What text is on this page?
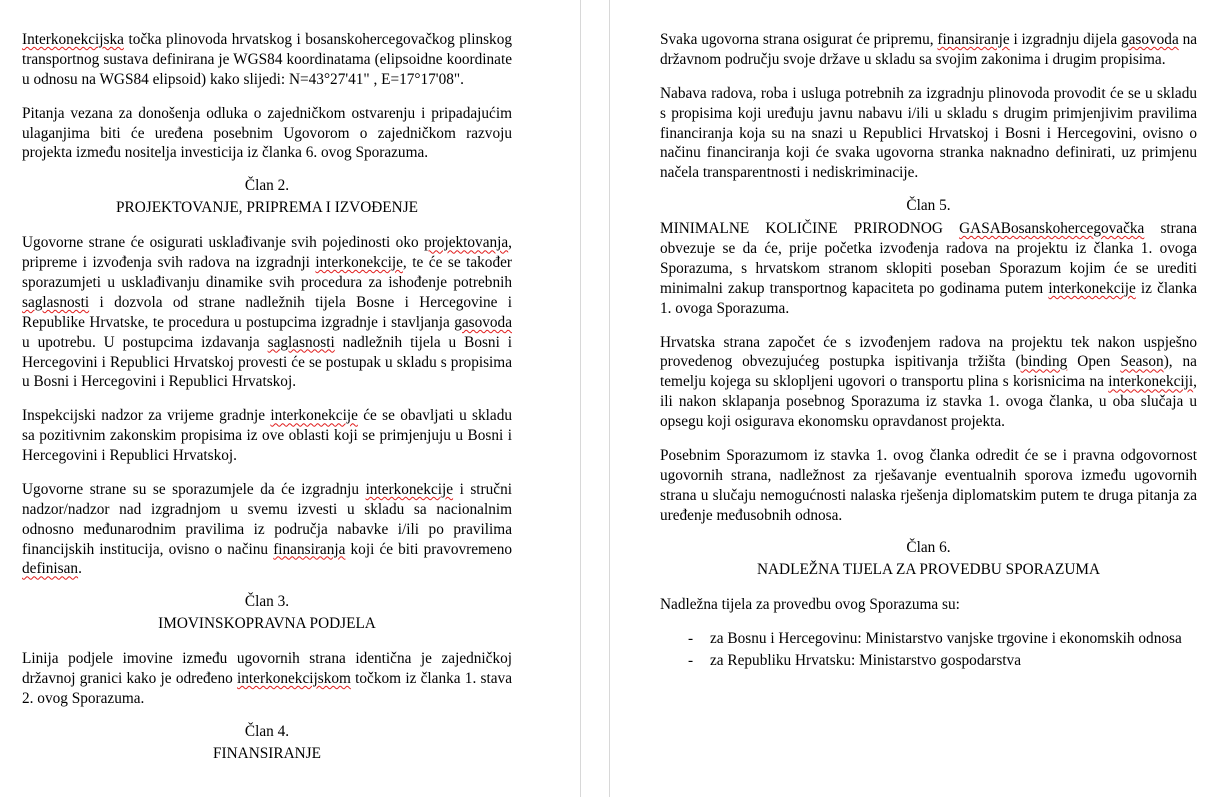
Interkonekcijska točka plinovoda hrvatskog i bosanskohercegovačkog plinskog transportnog sustava definirana je WGS84 koordinatama (elipsoidne koordinate u odnosu na WGS84 elipsoid) kako slijedi: N=43°27'41" , E=17°17'08".

Pitanja vezana za donošenja odluka o zajedničkom ostvarenju i pripadajućim ulaganjima biti će uređena posebnim Ugovorom o zajedničkom razvoju projekta između nositelja investicija iz članka 6. ovog Sporazuma.

Član 2.
PROJEKTOVANJE, PRIPREMA I IZVOĐENJE

Ugovorne strane će osigurati usklađivanje svih pojedinosti oko projektovanja, pripreme i izvođenja svih radova na izgradnji interkonekcije, te će se također sporazumjeti u usklađivanju dinamike svih procedura za ishođenje potrebnih saglasnosti i dozvola od strane nadležnih tijela Bosne i Hercegovine i Republike Hrvatske, te procedura u postupcima izgradnje i stavljanja gasovoda u upotrebu. U postupcima izdavanja saglasnosti nadležnih tijela u Bosni i Hercegovini i Republici Hrvatskoj provesti će se postupak u skladu s propisima u Bosni i Hercegovini i Republici Hrvatskoj.

Inspekcijski nadzor za vrijeme gradnje interkonekcije će se obavljati u skladu sa pozitivnim zakonskim propisima iz ove oblasti koji se primjenjuju u Bosni i Hercegovini i Republici Hrvatskoj.

Ugovorne strane su se sporazumjele da će izgradnju interkonekcije i stručni nadzor/nadzor nad izgradnjom u svemu izvesti u skladu sa nacionalnim odnosno međunarodnim pravilima iz područja nabavke i/ili po pravilima financijskih institucija, ovisno o načinu finansiranja koji će biti pravovremeno definisan.

Član 3.
IMOVINSKOPRAVNA PODJELA

Linija podjele imovine između ugovornih strana identična je zajedničkoj državnoj granici kako je određeno interkonekcijskom točkom iz članka 1. stava 2. ovog Sporazuma.

Član 4.
FINANSIRANJE

Svaka ugovorna strana osigurat će pripremu, finansiranje i izgradnju dijela gasovoda na državnom području svoje države u skladu sa svojim zakonima i drugim propisima.

Nabava radova, roba i usluga potrebnih za izgradnju plinovoda provodit će se u skladu s propisima koji uređuju javnu nabavu i/ili u skladu s drugim primjenjivim pravilima financiranja koja su na snazi u Republici Hrvatskoj i Bosni i Hercegovini, ovisno o načinu financiranja koji će svaka ugovorna stranka naknadno definirati, uz primjenu načela transparentnosti i nediskriminacije.

Član 5.

MINIMALNE KOLIČINE PRIRODNOG GASABosanskohercegovačka strana obvezuje se da će, prije početka izvođenja radova na projektu iz članka 1. ovoga Sporazuma, s hrvatskom stranom sklopiti poseban Sporazum kojim će se urediti minimalni zakup transportnog kapaciteta po godinama putem interkonekcije iz članka 1. ovoga Sporazuma.

Hrvatska strana započet će s izvođenjem radova na projektu tek nakon uspješno provedenog obvezujućeg postupka ispitivanja tržišta (binding Open Season), na temelju kojega su sklopljeni ugovori o transportu plina s korisnicima na interkonekciji, ili nakon sklapanja posebnog Sporazuma iz stavka 1. ovoga članka, u oba slučaja u opsegu koji osigurava ekonomsku opravdanost projekta.

Posebnim Sporazumom iz stavka 1. ovog članka odredit će se i pravna odgovornost ugovornih strana, nadležnost za rješavanje eventualnih sporova između ugovornih strana u slučaju nemogućnosti nalaska rješenja diplomatskim putem te druga pitanja za uređenje međusobnih odnosa.

Član 6.
NADLEŽNA TIJELA ZA PROVEDBU SPORAZUMA

Nadležna tijela za provedbu ovog Sporazuma su:

- za Bosnu i Hercegovinu: Ministarstvo vanjske trgovine i ekonomskih odnosa
- za Republiku Hrvatsku: Ministarstvo gospodarstva
